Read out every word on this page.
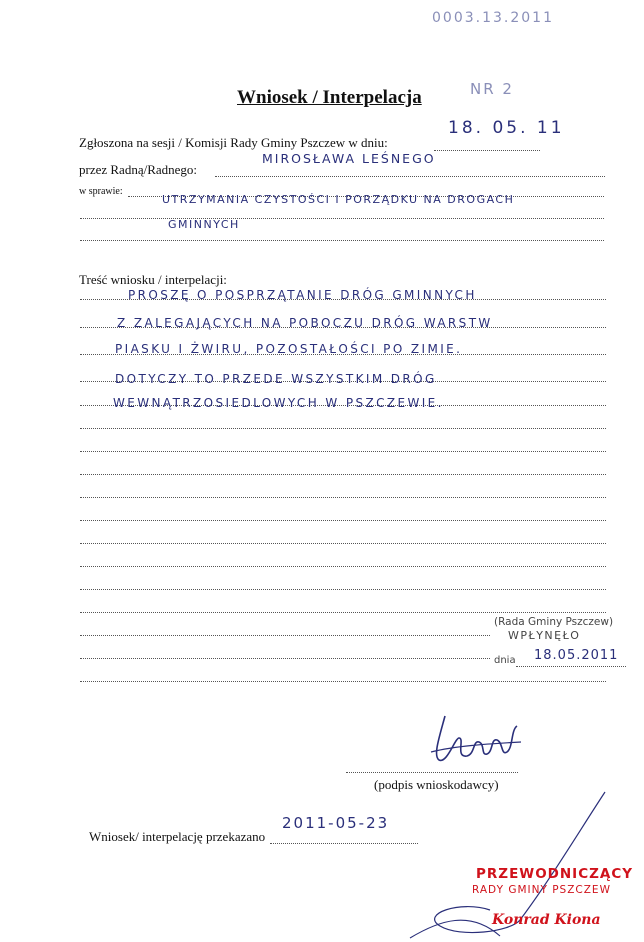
0003.13.2011
Wniosek / Interpelacja	NR 2
Zgłoszona na sesji / Komisji Rady Gminy Pszczew w dniu:
18. 05. 11
przez Radną/Radnego:
MIROSŁAWA LEŚNEGO
w sprawie:
UTRZYMANIA CZYSTOŚCI I PORZĄDKU NA DROGACH
GMINNYCH
Treść wniosku / interpelacji:
PROSZĘ O POSPRZĄTANIE DRÓG GMINNYCH
Z ZALEGAJĄCYCH NA POBOCZU DRÓG WARSTW
PIASKU I ŻWIRU, POZOSTAŁOŚCI PO ZIMIE.
DOTYCZY TO PRZEDE WSZYSTKIM DRÓG
WEWNĄTRZOSIEDLOWYCH W PSZCZEWIE.
(Rada Gminy Pszczew)
WPŁYNĘŁO
dnia 18.05.2011
(podpis wnioskodawcy)
Wniosek/ interpelację przekazano
2011-05-23
PRZEWODNICZĄCY
RADY GMINY PSZCZEW
Konrad Kiona
